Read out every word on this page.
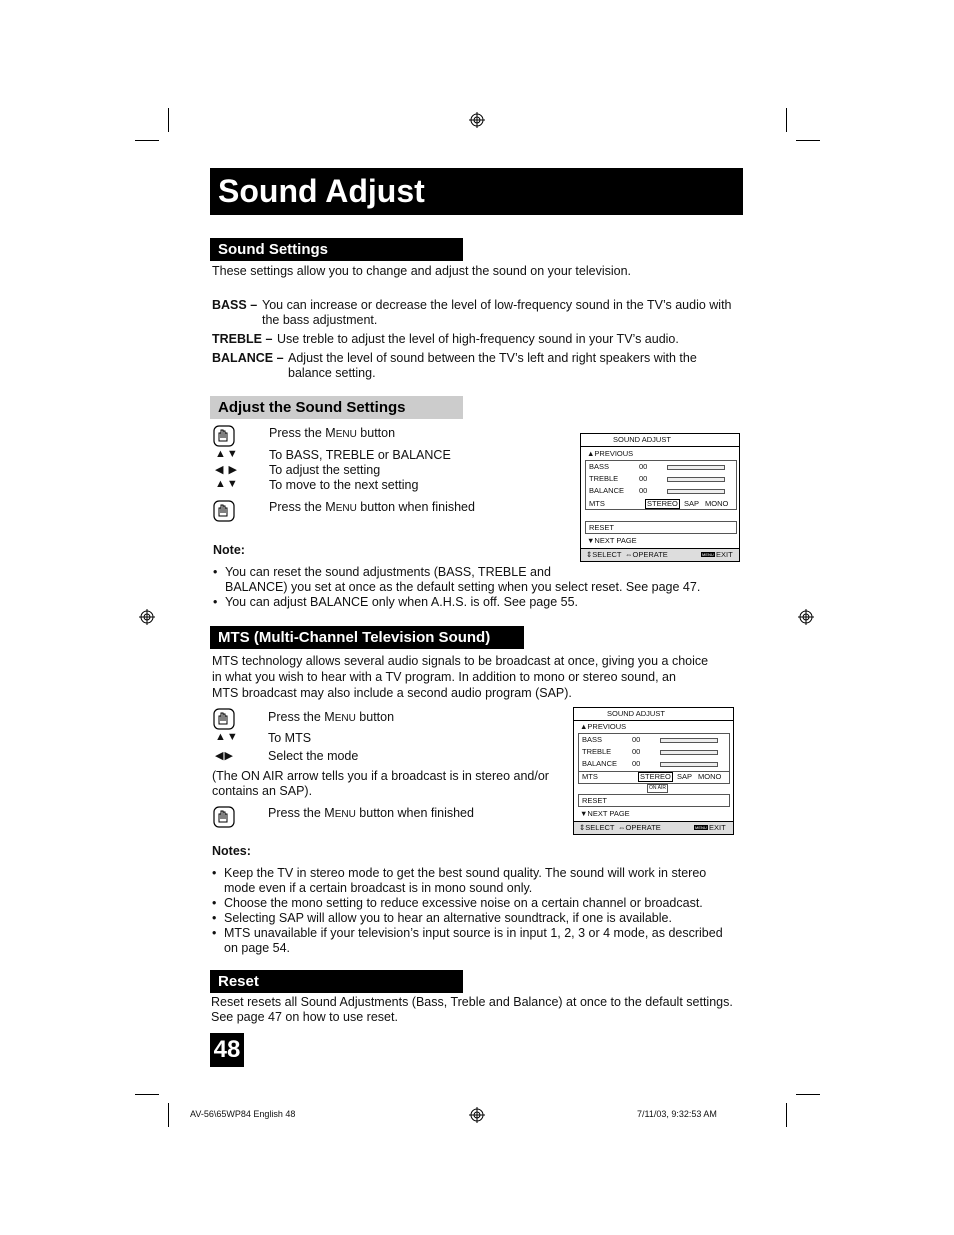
Sound Adjust
Sound Settings
These settings allow you to change and adjust the sound on your television.
BASS – You can increase or decrease the level of low-frequency sound in the TV’s audio with
the bass adjustment.
TREBLE – Use treble to adjust the level of high-frequency sound in your TV’s audio.
BALANCE – Adjust the level of sound between the TV’s left and right speakers with the
balance setting.
Adjust the Sound Settings
Press the MENU button
▲▼ To BASS, TREBLE or BALANCE
◀ ▶ To adjust the setting
▲▼ To move to the next setting
Press the MENU button when finished
SOUND ADJUST
▲PREVIOUS
BASS	00
TREBLE	00
BALANCE 00
MTS	STEREO SAP MONO
RESET
▼NEXT PAGE
⇕SELECT ⇔OPERATE	MENU EXIT
Note:
• You can reset the sound adjustments (BASS, TREBLE and
BALANCE) you set at once as the default setting when you select reset. See page 47.
• You can adjust BALANCE only when A.H.S. is off. See page 55.
MTS (Multi-Channel Television Sound)
MTS technology allows several audio signals to be broadcast at once, giving you a choice
in what you wish to hear with a TV program. In addition to mono or stereo sound, an
MTS broadcast may also include a second audio program (SAP).
Press the MENU button
▲▼ To MTS
◀▶	Select the mode
(The ON AIR arrow tells you if a broadcast is in stereo and/or
contains an SAP).
Press the MENU button when finished
SOUND ADJUST
▲PREVIOUS
BASS	00
TREBLE	00
BALANCE 00
MTS	STEREO SAP MONO
ON AIR
RESET
▼NEXT PAGE
⇕SELECT ⇔OPERATE	MENU EXIT
Notes:
• Keep the TV in stereo mode to get the best sound quality. The sound will work in stereo
mode even if a certain broadcast is in mono sound only.
• Choose the mono setting to reduce excessive noise on a certain channel or broadcast.
• Selecting SAP will allow you to hear an alternative soundtrack, if one is available.
• MTS unavailable if your television’s input source is in input 1, 2, 3 or 4 mode, as described
on page 54.
Reset
Reset resets all Sound Adjustments (Bass, Treble and Balance) at once to the default settings.
See page 47 on how to use reset.
48
AV-56\65WP84 English 48	7/11/03, 9:32:53 AM
